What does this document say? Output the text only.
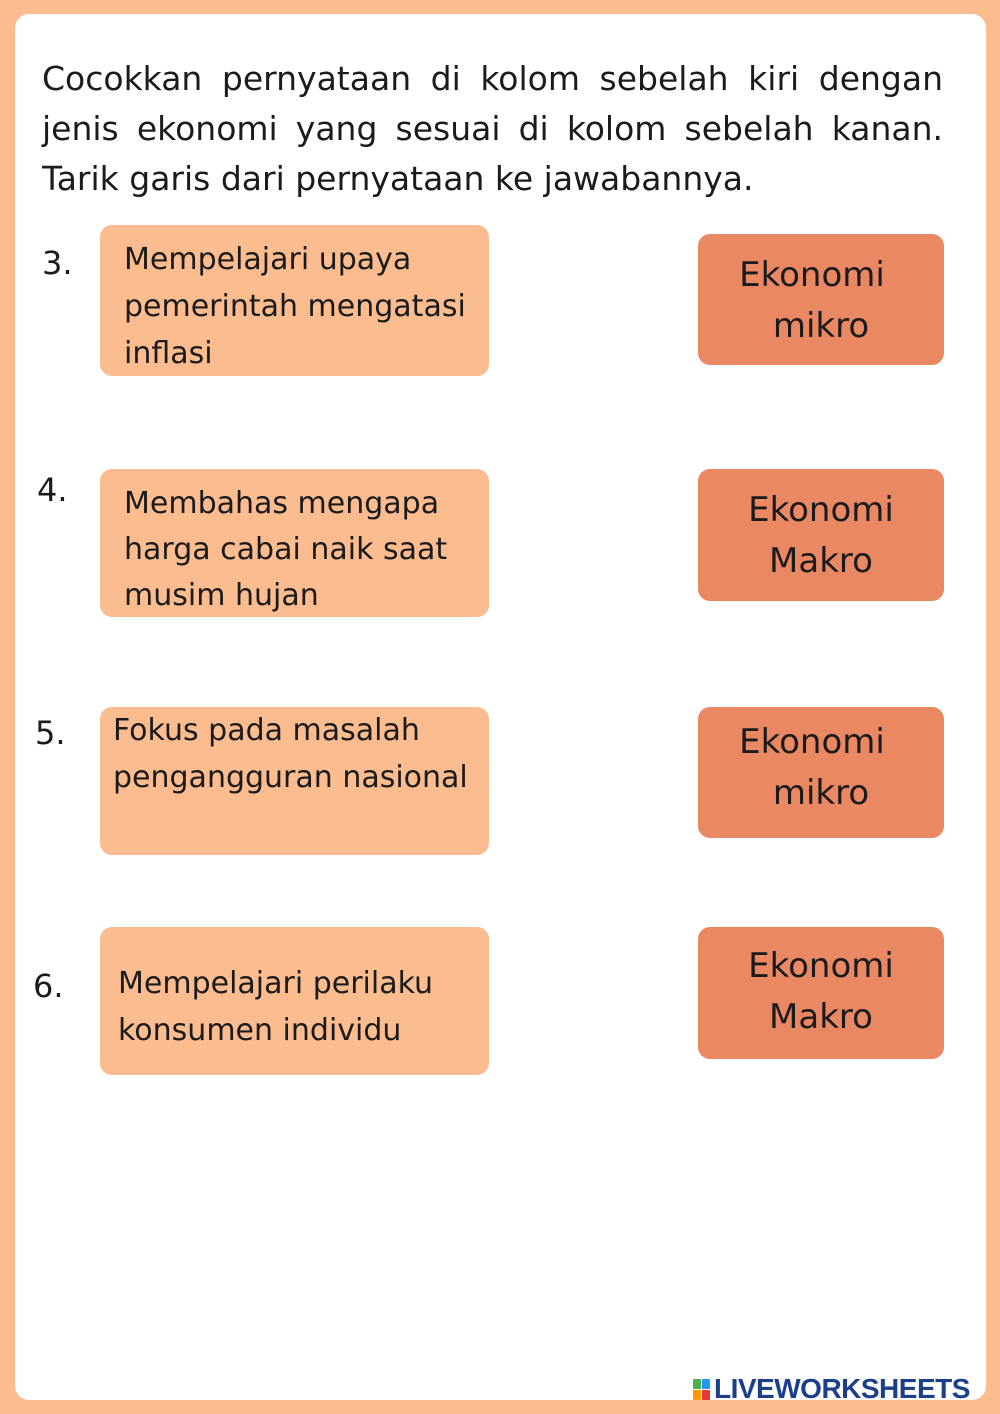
Cocokkan pernyataan di kolom sebelah kiri dengan jenis ekonomi yang sesuai di kolom sebelah kanan. Tarik garis dari pernyataan ke jawabannya.

3.	Mempelajari upaya pemerintah mengatasi inflasi
Ekonomi
mikro
4.	Membahas mengapa harga cabai naik saat musim hujan
Ekonomi
Makro
5.	Fokus pada masalah pengangguran nasional
Ekonomi
mikro
6.	Mempelajari perilaku konsumen individu
Ekonomi
Makro
LIVEWORKSHEETS
